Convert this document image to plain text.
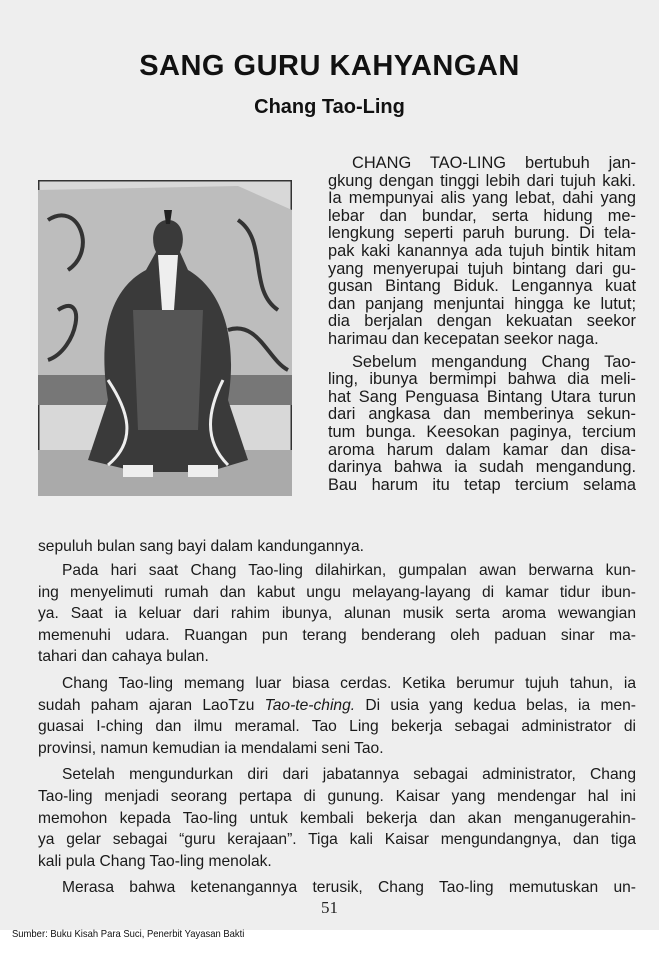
SANG GURU KAHYANGAN
Chang Tao-Ling
CHANG TAO-LING bertubuh jan-
gkung dengan tinggi lebih dari tujuh kaki.
Ia mempunyai alis yang lebat, dahi yang
lebar dan bundar, serta hidung me-
lengkung seperti paruh burung. Di tela-
pak kaki kanannya ada tujuh bintik hitam
yang menyerupai tujuh bintang dari gu-
gusan Bintang Biduk. Lengannya kuat
dan panjang menjuntai hingga ke lutut;
dia berjalan dengan kekuatan seekor
harimau dan kecepatan seekor naga.
Sebelum mengandung Chang Tao-
ling, ibunya bermimpi bahwa dia meli-
hat Sang Penguasa Bintang Utara turun
dari angkasa dan memberinya sekun-
tum bunga. Keesokan paginya, tercium
aroma harum dalam kamar dan disa-
darinya bahwa ia sudah mengandung.
Bau harum itu tetap tercium selama
sepuluh bulan sang bayi dalam kandungannya.
Pada hari saat Chang Tao-ling dilahirkan, gumpalan awan berwarna kun-
ing menyelimuti rumah dan kabut ungu melayang-layang di kamar tidur ibun-
ya. Saat ia keluar dari rahim ibunya, alunan musik serta aroma wewangian
memenuhi udara. Ruangan pun terang benderang oleh paduan sinar ma-
tahari dan cahaya bulan.
Chang Tao-ling memang luar biasa cerdas. Ketika berumur tujuh tahun, ia
sudah paham ajaran LaoTzu Tao-te-ching. Di usia yang kedua belas, ia men-
guasai I-ching dan ilmu meramal. Tao Ling bekerja sebagai administrator di
provinsi, namun kemudian ia mendalami seni Tao.
Setelah mengundurkan diri dari jabatannya sebagai administrator, Chang
Tao-ling menjadi seorang pertapa di gunung. Kaisar yang mendengar hal ini
memohon kepada Tao-ling untuk kembali bekerja dan akan menganugerahin-
ya gelar sebagai “guru kerajaan”. Tiga kali Kaisar mengundangnya, dan tiga
kali pula Chang Tao-ling menolak.
Merasa bahwa ketenangannya terusik, Chang Tao-ling memutuskan un-
51
Sumber: Buku Kisah Para Suci, Penerbit Yayasan Bakti
